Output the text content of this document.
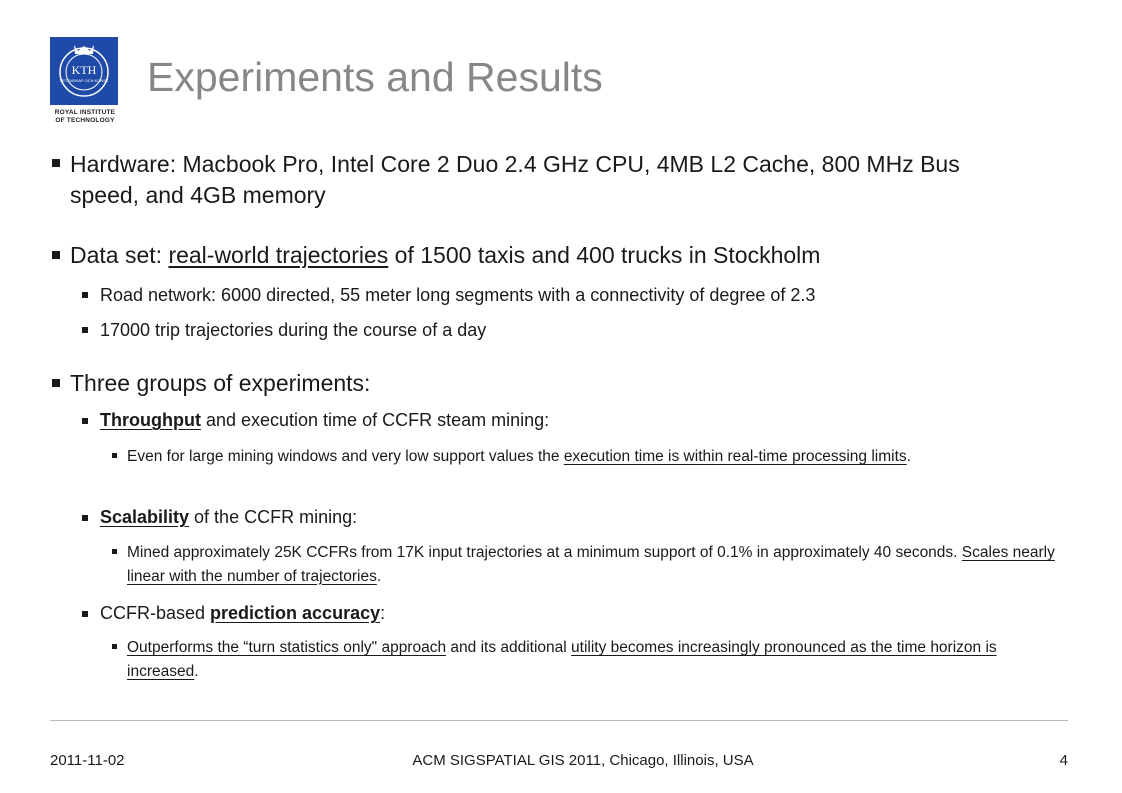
KTH
VETENSKAP OCH KONST
ROYAL INSTITUTE
OF TECHNOLOGY
Experiments and Results
Hardware: Macbook Pro, Intel Core 2 Duo 2.4 GHz CPU, 4MB L2 Cache, 800 MHz Bus speed, and 4GB memory
Data set: real-world trajectories of 1500 taxis and 400 trucks in Stockholm
Road network: 6000 directed, 55 meter long segments with a connectivity of degree of 2.3
17000 trip trajectories during the course of a day
Three groups of experiments:
Throughput and execution time of CCFR steam mining:
Even for large mining windows and very low support values the execution time is within real-time processing limits.
Scalability of the CCFR mining:
Mined approximately 25K CCFRs from 17K input trajectories at a minimum support of 0.1% in approximately 40 seconds. Scales nearly linear with the number of trajectories.
CCFR-based prediction accuracy:
Outperforms the “turn statistics only" approach and its additional utility becomes increasingly pronounced as the time horizon is increased.
2011-11-02	ACM SIGSPATIAL GIS 2011, Chicago, Illinois, USA	4
